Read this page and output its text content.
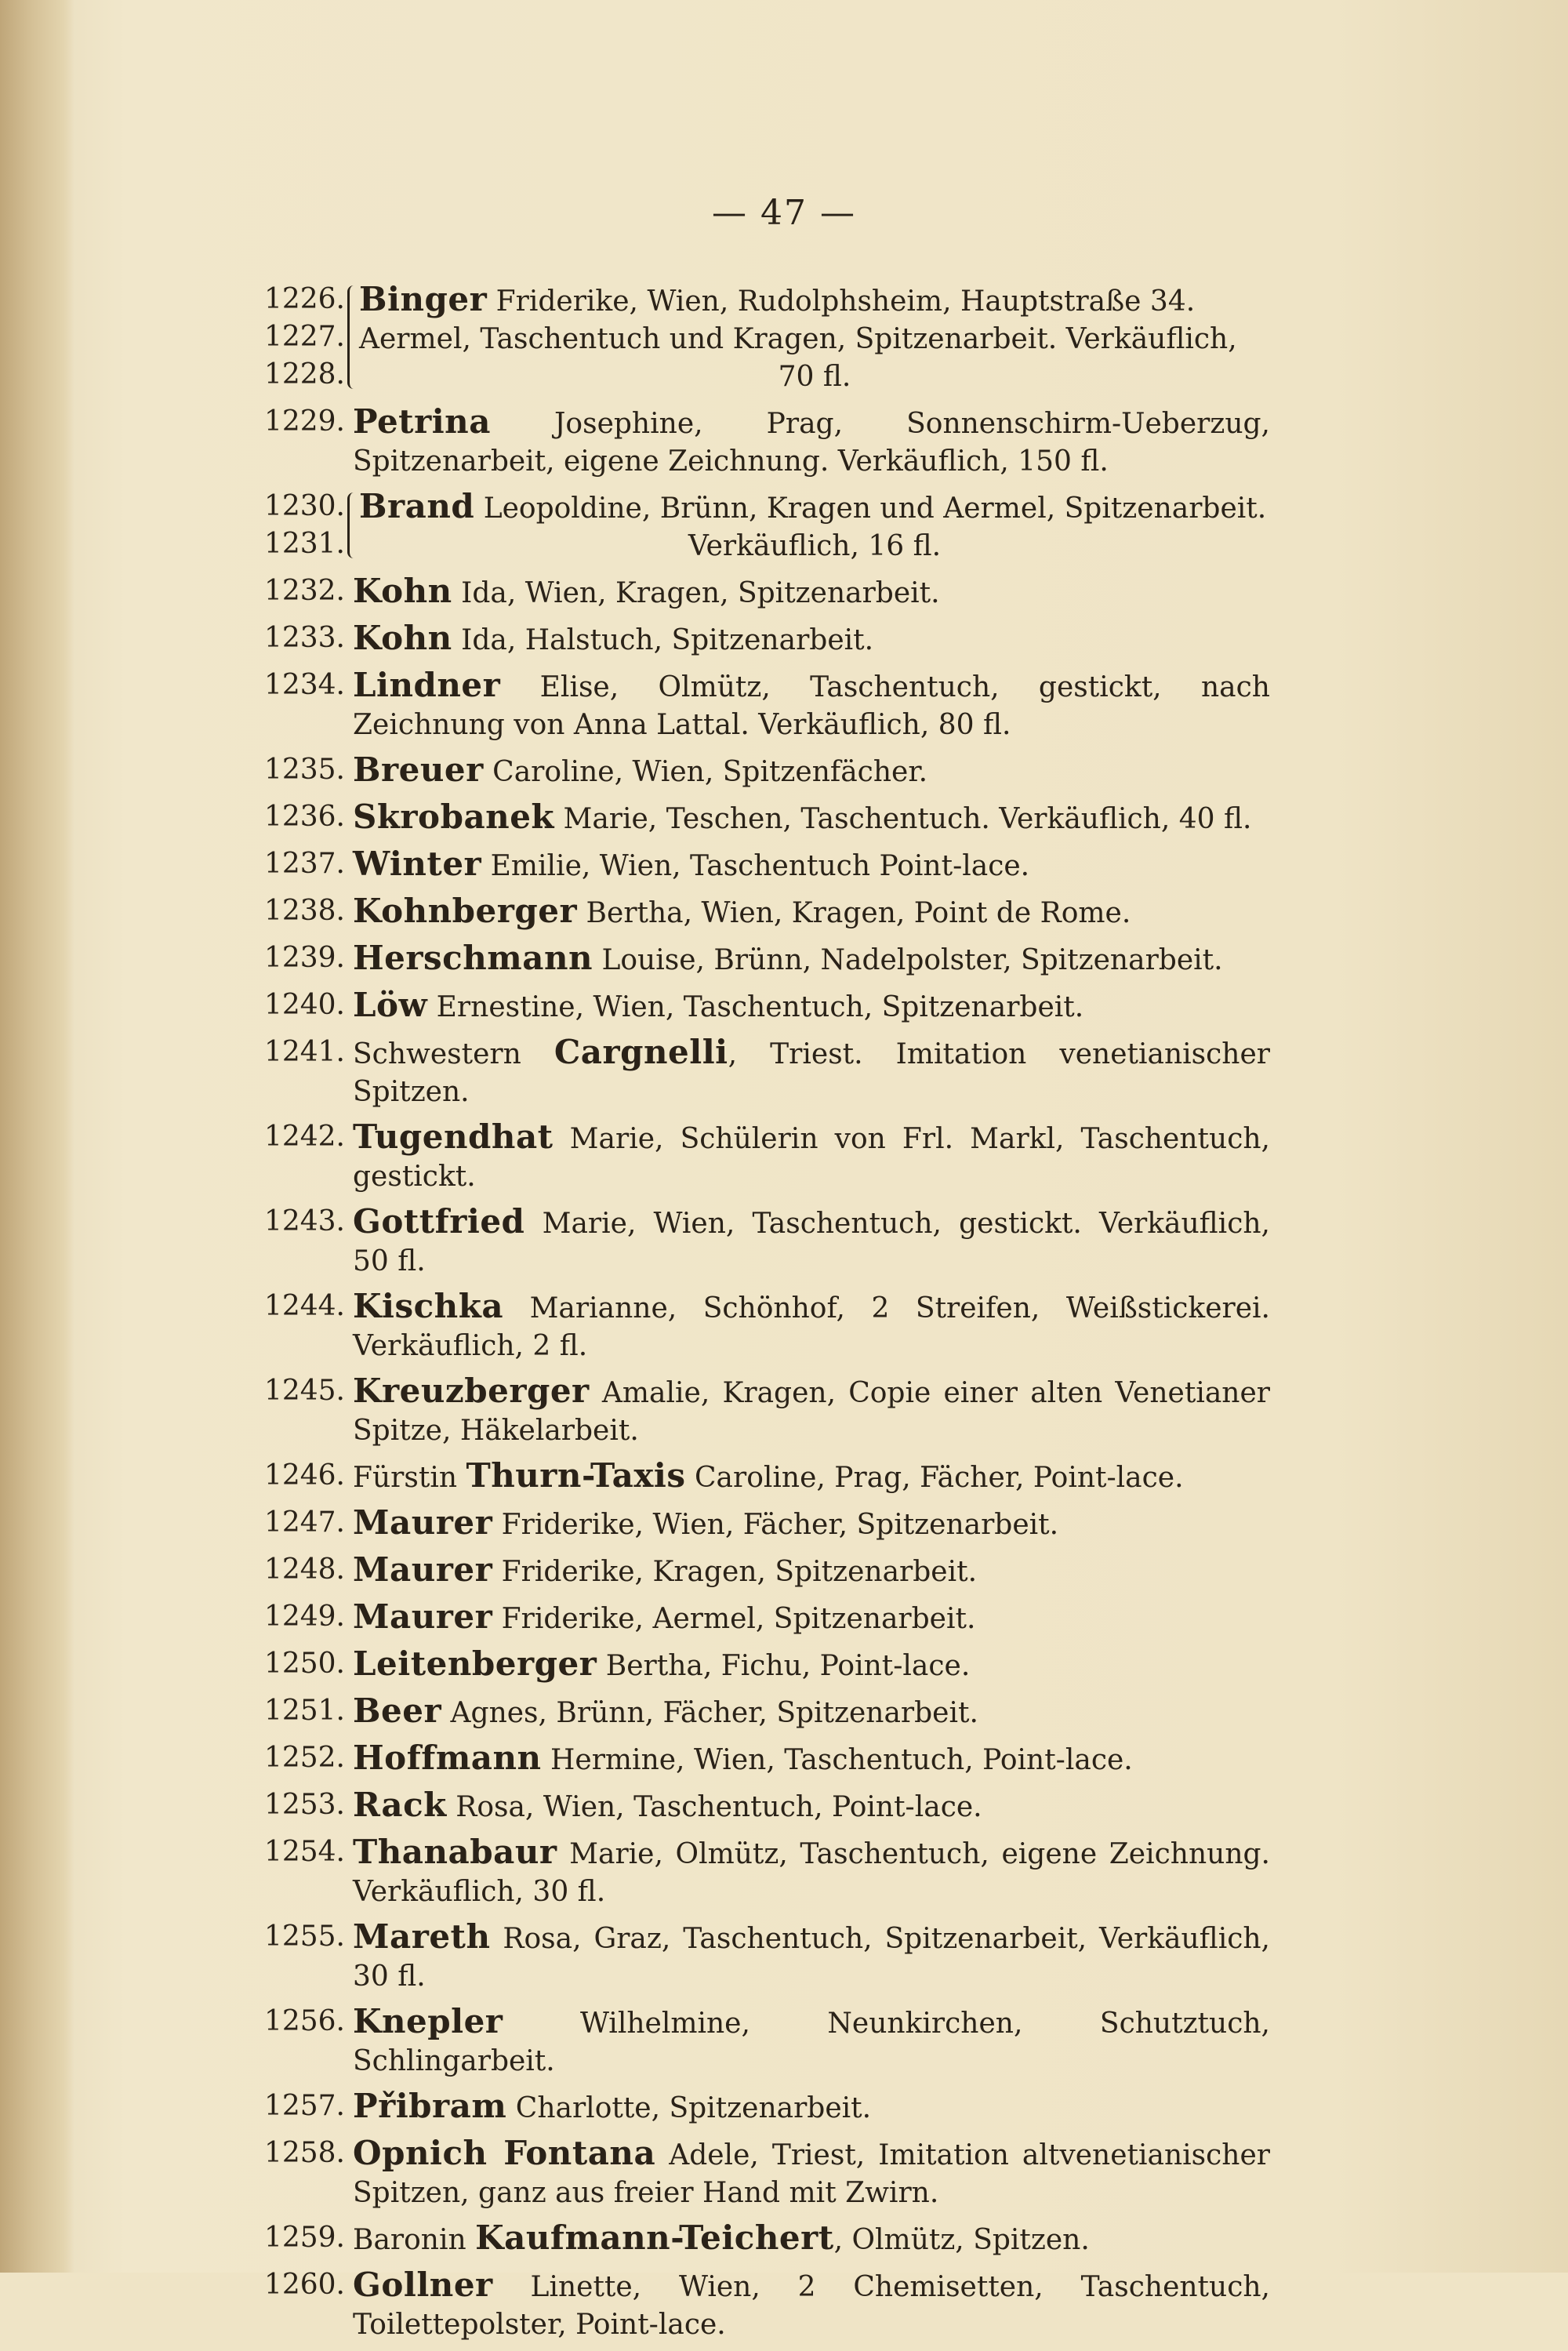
— 47 —
1226.
1227.
1228.
Binger Friderike, Wien, Rudolphsheim, Hauptstraße 34.
Aermel, Taschentuch und Kragen, Spitzenarbeit. Verkäuflich,

70 fl.
1229. Petrina Josephine, Prag, Sonnenschirm-Ueberzug, Spitzenarbeit, eigene Zeichnung. Verkäuflich, 150 fl.
1230.
1231.
Brand Leopoldine, Brünn, Kragen und Aermel, Spitzenarbeit.

Verkäuflich, 16 fl.
1232. Kohn Ida, Wien, Kragen, Spitzenarbeit.
1233. Kohn Ida, Halstuch, Spitzenarbeit.
1234. Lindner Elise, Olmütz, Taschentuch, gestickt, nach Zeichnung von Anna Lattal. Verkäuflich, 80 fl.
1235. Breuer Caroline, Wien, Spitzenfächer.
1236. Skrobanek Marie, Teschen, Taschentuch. Verkäuflich, 40 fl.
1237. Winter Emilie, Wien, Taschentuch Point-lace.
1238. Kohnberger Bertha, Wien, Kragen, Point de Rome.
1239. Herschmann Louise, Brünn, Nadelpolster, Spitzenarbeit.
1240. Löw Ernestine, Wien, Taschentuch, Spitzenarbeit.
1241. Schwestern Cargnelli, Triest. Imitation venetianischer Spitzen.
1242. Tugendhat Marie, Schülerin von Frl. Markl, Taschentuch, gestickt.
1243. Gottfried Marie, Wien, Taschentuch, gestickt. Verkäuflich, 50 fl.
1244. Kischka Marianne, Schönhof, 2 Streifen, Weißstickerei. Verkäuflich, 2 fl.
1245. Kreuzberger Amalie, Kragen, Copie einer alten Venetianer Spitze, Häkelarbeit.
1246. Fürstin Thurn-Taxis Caroline, Prag, Fächer, Point-lace.
1247. Maurer Friderike, Wien, Fächer, Spitzenarbeit.
1248. Maurer Friderike, Kragen, Spitzenarbeit.
1249. Maurer Friderike, Aermel, Spitzenarbeit.
1250. Leitenberger Bertha, Fichu, Point-lace.
1251. Beer Agnes, Brünn, Fächer, Spitzenarbeit.
1252. Hoffmann Hermine, Wien, Taschentuch, Point-lace.
1253. Rack Rosa, Wien, Taschentuch, Point-lace.
1254. Thanabaur Marie, Olmütz, Taschentuch, eigene Zeichnung. Verkäuflich, 30 fl.
1255. Mareth Rosa, Graz, Taschentuch, Spitzenarbeit, Verkäuflich, 30 fl.
1256. Knepler Wilhelmine, Neunkirchen, Schutztuch, Schlingarbeit.
1257. Přibram Charlotte, Spitzenarbeit.
1258. Opnich Fontana Adele, Triest, Imitation altvenetianischer Spitzen, ganz aus freier Hand mit Zwirn.
1259. Baronin Kaufmann-Teichert, Olmütz, Spitzen.
1260. Gollner Linette, Wien, 2 Chemisetten, Taschentuch, Toilettepolster, Point-lace.
